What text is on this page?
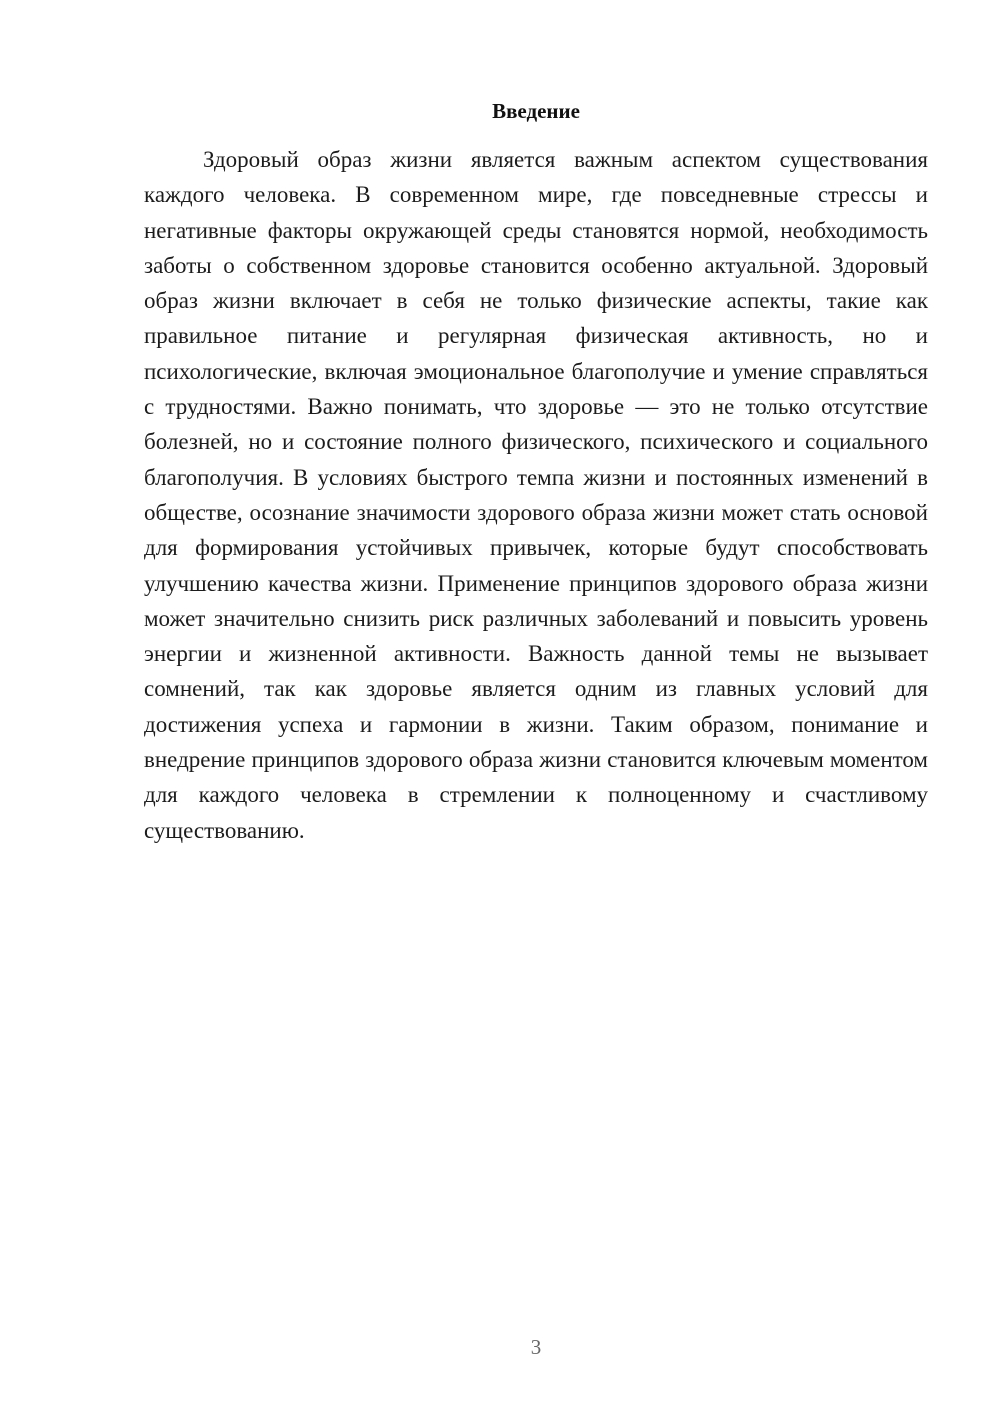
Введение

Здоровый образ жизни является важным аспектом существования каждого человека. В современном мире, где повседневные стрессы и негативные факторы окружающей среды становятся нормой, необходимость заботы о собственном здоровье становится особенно актуальной. Здоровый образ жизни включает в себя не только физические аспекты, такие как правильное питание и регулярная физическая активность, но и психологические, включая эмоциональное благополучие и умение справляться с трудностями. Важно понимать, что здоровье — это не только отсутствие болезней, но и состояние полного физического, психического и социального благополучия. В условиях быстрого темпа жизни и постоянных изменений в обществе, осознание значимости здорового образа жизни может стать основой для формирования устойчивых привычек, которые будут способствовать улучшению качества жизни. Применение принципов здорового образа жизни может значительно снизить риск различных заболеваний и повысить уровень энергии и жизненной активности. Важность данной темы не вызывает сомнений, так как здоровье является одним из главных условий для достижения успеха и гармонии в жизни. Таким образом, понимание и внедрение принципов здорового образа жизни становится ключевым моментом для каждого человека в стремлении к полноценному и счастливому существованию.

3
